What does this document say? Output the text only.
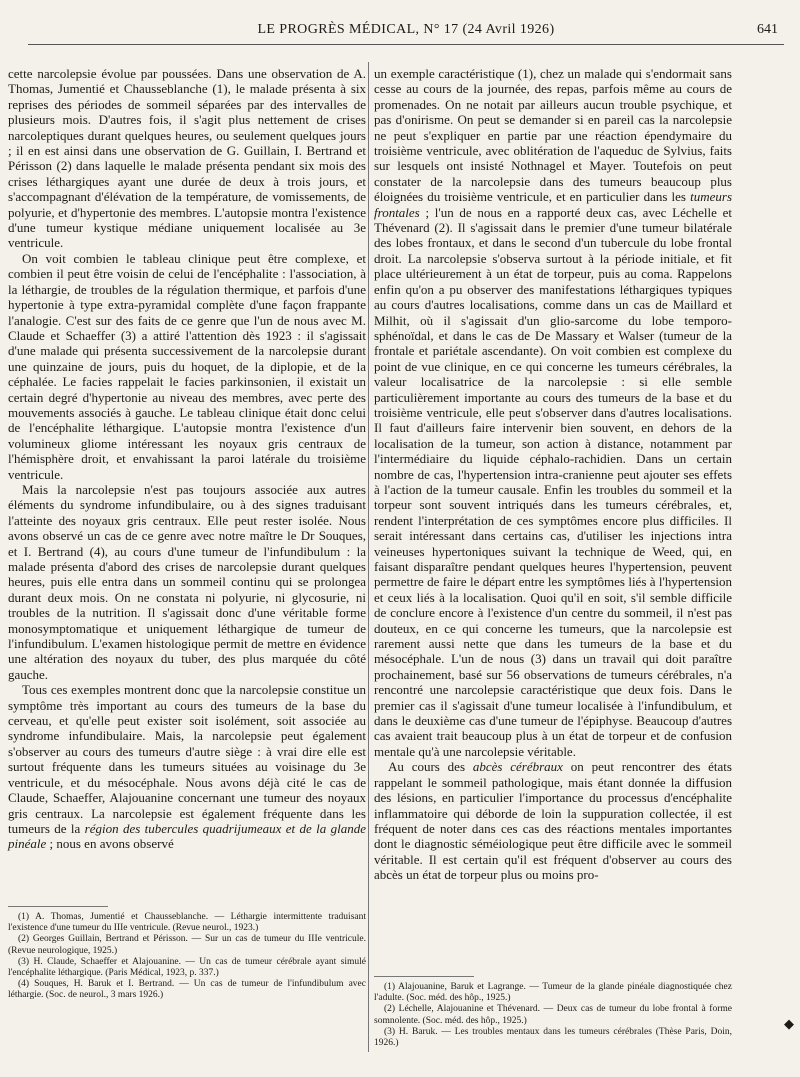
LE PROGRÈS MÉDICAL, N° 17 (24 Avril 1926)	641

cette narcolepsie évolue par poussées. Dans une observation de A. Thomas, Jumentié et Chausseblanche (1), le malade présenta à six reprises des périodes de sommeil séparées par des intervalles de plusieurs mois. D'autres fois, il s'agit plus nettement de crises narcoleptiques durant quelques heures, ou seulement quelques jours ; il en est ainsi dans une observation de G. Guillain, I. Bertrand et Périsson (2) dans laquelle le malade présenta pendant six mois des crises léthargiques ayant une durée de deux à trois jours, et s'accompagnant d'élévation de la température, de vomissements, de polyurie, et d'hypertonie des membres. L'autopsie montra l'existence d'une tumeur kystique médiane uniquement localisée au 3e ventricule.

On voit combien le tableau clinique peut être complexe, et combien il peut être voisin de celui de l'encéphalite : l'association, à la léthargie, de troubles de la régulation thermique, et parfois d'une hypertonie à type extra-pyramidal complète d'une façon frappante l'analogie. C'est sur des faits de ce genre que l'un de nous avec M. Claude et Schaeffer (3) a attiré l'attention dès 1923 : il s'agissait d'une malade qui présenta successivement de la narcolepsie durant une quinzaine de jours, puis du hoquet, de la diplopie, et de la céphalée. Le facies rappelait le facies parkinsonien, il existait un certain degré d'hypertonie au niveau des membres, avec perte des mouvements associés à gauche. Le tableau clinique était donc celui de l'encéphalite léthargique. L'autopsie montra l'existence d'un volumineux gliome intéressant les noyaux gris centraux de l'hémisphère droit, et envahissant la paroi latérale du troisième ventricule.

Mais la narcolepsie n'est pas toujours associée aux autres éléments du syndrome infundibulaire, ou à des signes traduisant l'atteinte des noyaux gris centraux. Elle peut rester isolée. Nous avons observé un cas de ce genre avec notre maître le Dr Souques, et I. Bertrand (4), au cours d'une tumeur de l'infundibulum : la malade présenta d'abord des crises de narcolepsie durant quelques heures, puis elle entra dans un sommeil continu qui se prolongea durant deux mois. On ne constata ni polyurie, ni glycosurie, ni troubles de la nutrition. Il s'agissait donc d'une véritable forme monosymptomatique et uniquement léthargique de tumeur de l'infundibulum. L'examen histologique permit de mettre en évidence une altération des noyaux du tuber, des plus marquée du côté gauche.

Tous ces exemples montrent donc que la narcolepsie constitue un symptôme très important au cours des tumeurs de la base du cerveau, et qu'elle peut exister soit isolément, soit associée au syndrome infundibulaire. Mais, la narcolepsie peut également s'observer au cours des tumeurs d'autre siège : à vrai dire elle est surtout fréquente dans les tumeurs situées au voisinage du 3e ventricule, et du mésocéphale. Nous avons déjà cité le cas de Claude, Schaeffer, Alajouanine concernant une tumeur des noyaux gris centraux. La narcolepsie est également fréquente dans les tumeurs de la région des tubercules quadrijumeaux et de la glande pinéale ; nous en avons observé

(1) A. Thomas, Jumentié et Chausseblanche. — Léthargie intermittente traduisant l'existence d'une tumeur du IIIe ventricule. (Revue neurol., 1923.)

(2) Georges Guillain, Bertrand et Périsson. — Sur un cas de tumeur du IIIe ventricule. (Revue neurologique, 1925.)

(3) H. Claude, Schaeffer et Alajouanine. — Un cas de tumeur cérébrale ayant simulé l'encéphalite léthargique. (Paris Médical, 1923, p. 337.)

(4) Souques, H. Baruk et I. Bertrand. — Un cas de tumeur de l'infundibulum avec léthargie. (Soc. de neurol., 3 mars 1926.)

un exemple caractéristique (1), chez un malade qui s'endormait sans cesse au cours de la journée, des repas, parfois même au cours de promenades. On ne notait par ailleurs aucun trouble psychique, et pas d'onirisme. On peut se demander si en pareil cas la narcolepsie ne peut s'expliquer en partie par une réaction épendymaire du troisième ventricule, avec oblitération de l'aqueduc de Sylvius, faits sur lesquels ont insisté Nothnagel et Mayer. Toutefois on peut constater de la narcolepsie dans des tumeurs beaucoup plus éloignées du troisième ventricule, et en particulier dans les tumeurs frontales ; l'un de nous en a rapporté deux cas, avec Léchelle et Thévenard (2). Il s'agissait dans le premier d'une tumeur bilatérale des lobes frontaux, et dans le second d'un tubercule du lobe frontal droit. La narcolepsie s'observa surtout à la période initiale, et fit place ultérieurement à un état de torpeur, puis au coma. Rappelons enfin qu'on a pu observer des manifestations léthargiques typiques au cours d'autres localisations, comme dans un cas de Maillard et Milhit, où il s'agissait d'un glio-sarcome du lobe temporo-sphénoïdal, et dans le cas de De Massary et Walser (tumeur de la frontale et pariétale ascendante). On voit combien est complexe du point de vue clinique, en ce qui concerne les tumeurs cérébrales, la valeur localisatrice de la narcolepsie : si elle semble particulièrement importante au cours des tumeurs de la base et du troisième ventricule, elle peut s'observer dans d'autres localisations. Il faut d'ailleurs faire intervenir bien souvent, en dehors de la localisation de la tumeur, son action à distance, notamment par l'intermédiaire du liquide céphalo-rachidien. Dans un certain nombre de cas, l'hypertension intra-cranienne peut ajouter ses effets à l'action de la tumeur causale. Enfin les troubles du sommeil et la torpeur sont souvent intriqués dans les tumeurs cérébrales, et, rendent l'interprétation de ces symptômes encore plus difficiles. Il serait intéressant dans certains cas, d'utiliser les injections intra veineuses hypertoniques suivant la technique de Weed, qui, en faisant disparaître pendant quelques heures l'hypertension, peuvent permettre de faire le départ entre les symptômes liés à l'hypertension et ceux liés à la localisation. Quoi qu'il en soit, s'il semble difficile de conclure encore à l'existence d'un centre du sommeil, il n'est pas douteux, en ce qui concerne les tumeurs, que la narcolepsie est rarement aussi nette que dans les tumeurs de la base et du mésocéphale. L'un de nous (3) dans un travail qui doit paraître prochainement, basé sur 56 observations de tumeurs cérébrales, n'a rencontré une narcolepsie caractéristique que deux fois. Dans le premier cas il s'agissait d'une tumeur localisée à l'infundibulum, et dans le deuxième cas d'une tumeur de l'épiphyse. Beaucoup d'autres cas avaient trait beaucoup plus à un état de torpeur et de confusion mentale qu'à une narcolepsie véritable.

Au cours des abcès cérébraux on peut rencontrer des états rappelant le sommeil pathologique, mais étant donnée la diffusion des lésions, en particulier l'importance du processus d'encéphalite inflammatoire qui déborde de loin la suppuration collectée, il est fréquent de noter dans ces cas des réactions mentales importantes dont le diagnostic séméiologique peut être difficile avec le sommeil véritable. Il est certain qu'il est fréquent d'observer au cours des abcès un état de torpeur plus ou moins pro-

(1) Alajouanine, Baruk et Lagrange. — Tumeur de la glande pinéale diagnostiquée chez l'adulte. (Soc. méd. des hôp., 1925.)

(2) Léchelle, Alajouanine et Thévenard. — Deux cas de tumeur du lobe frontal à forme somnolente. (Soc. méd. des hôp., 1925.)

(3) H. Baruk. — Les troubles mentaux dans les tumeurs cérébrales (Thèse Paris, Doin, 1926.)

◆
